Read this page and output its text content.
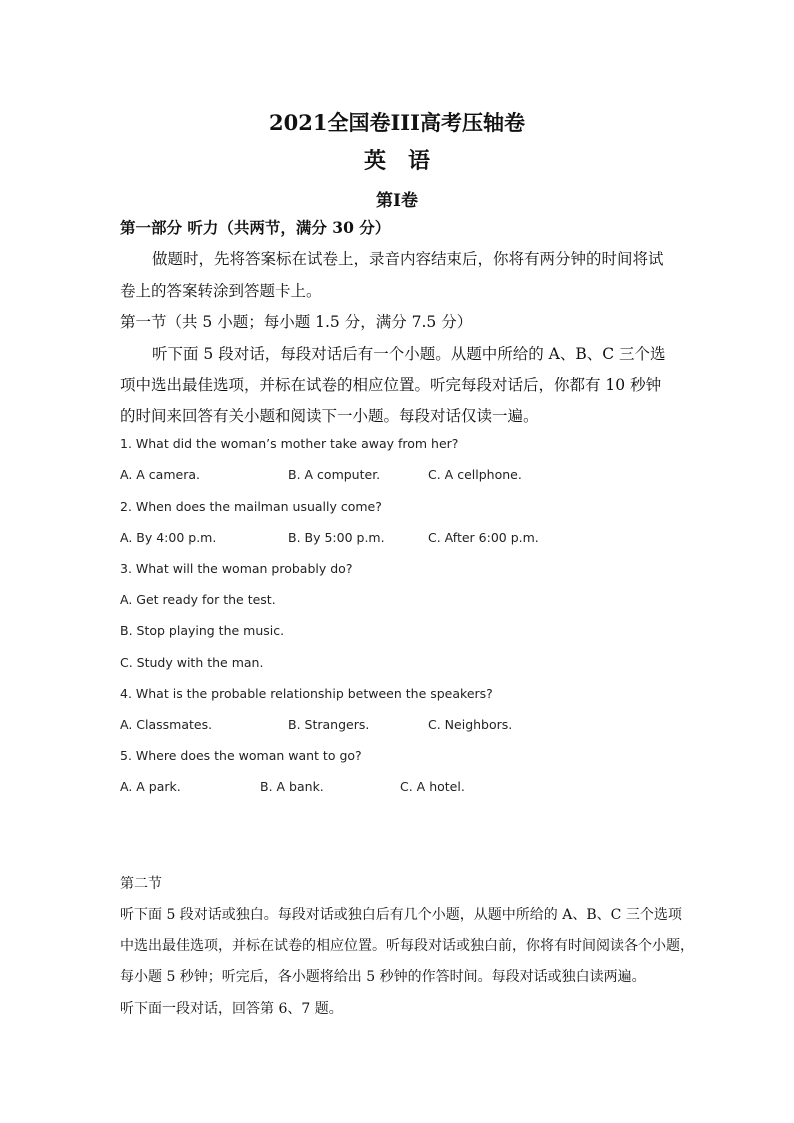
2021全国卷III高考压轴卷
英语
第I卷
第一部分 听力（共两节，满分 30 分）
做题时，先将答案标在试卷上，录音内容结束后，你将有两分钟的时间将试
卷上的答案转涂到答题卡上。
第一节（共 5 小题；每小题 1.5 分，满分 7.5 分）
听下面 5 段对话，每段对话后有一个小题。从题中所给的 A、B、C 三个选
项中选出最佳选项，并标在试卷的相应位置。听完每段对话后，你都有 10 秒钟
的时间来回答有关小题和阅读下一小题。每段对话仅读一遍。
1. What did the woman’s mother take away from her?
A. A camera.	B. A computer.	C. A cellphone.
2. When does the mailman usually come?
A. By 4:00 p.m.	B. By 5:00 p.m.	C. After 6:00 p.m.
3. What will the woman probably do?
A. Get ready for the test.
B. Stop playing the music.
C. Study with the man.
4. What is the probable relationship between the speakers?
A. Classmates.	B. Strangers.	C. Neighbors.
5. Where does the woman want to go?
A. A park.	B. A bank.	C. A hotel.
第二节
听下面 5 段对话或独白。每段对话或独白后有几个小题，从题中所给的 A、B、C 三个选项
中选出最佳选项，并标在试卷的相应位置。听每段对话或独白前，你将有时间阅读各个小题，
每小题 5 秒钟；听完后，各小题将给出 5 秒钟的作答时间。每段对话或独白读两遍。
听下面一段对话，回答第 6、7 题。
